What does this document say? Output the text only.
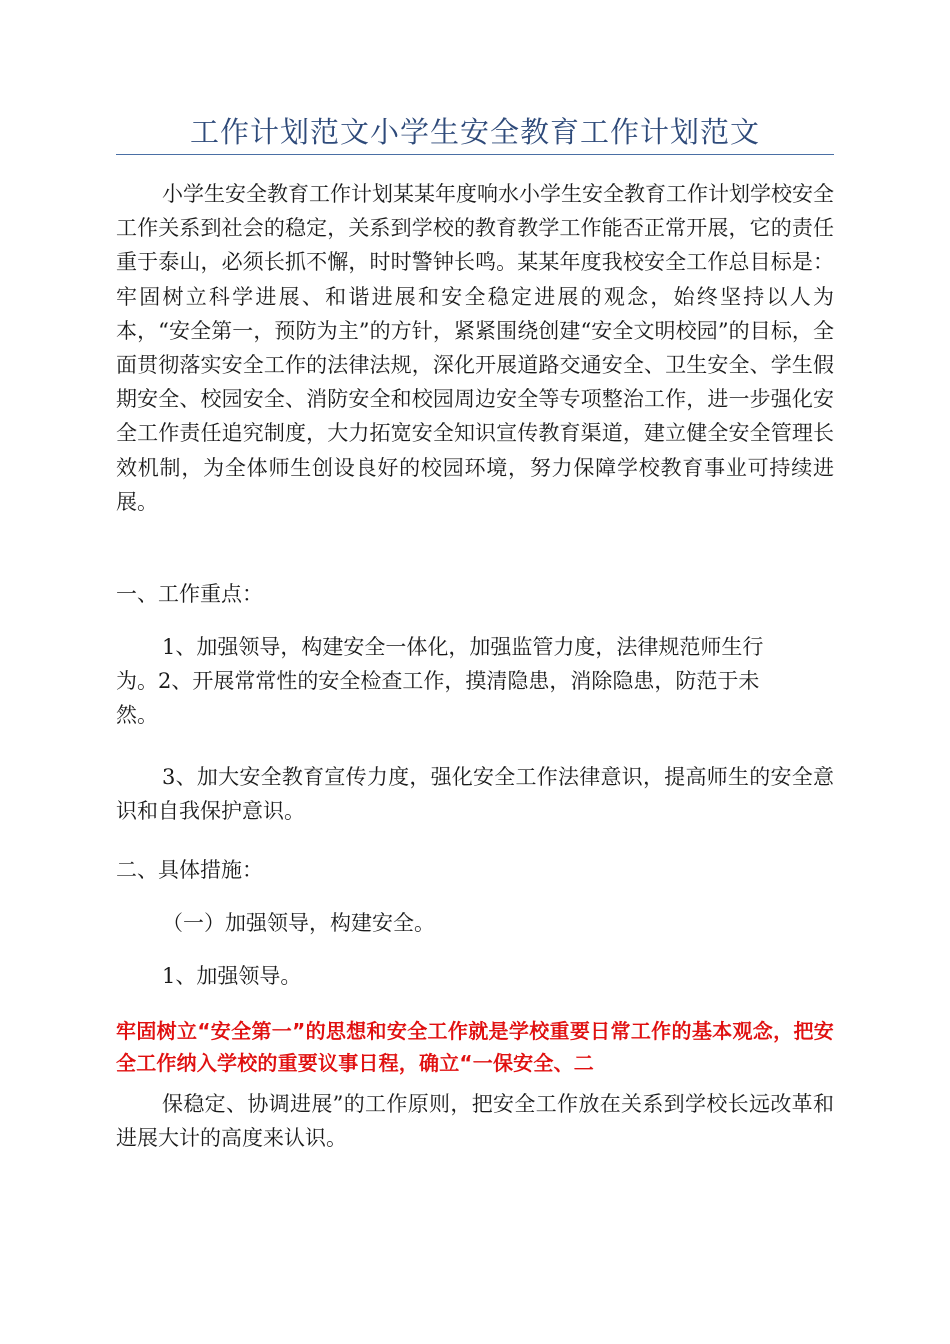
工作计划范文小学生安全教育工作计划范文

小学生安全教育工作计划某某年度响水小学生安全教育工作计划学校安全工作关系到社会的稳定，关系到学校的教育教学工作能否正常开展，它的责任重于泰山，必须长抓不懈，时时警钟长鸣。某某年度我校安全工作总目标是：牢固树立科学进展、和谐进展和安全稳定进展的观念，始终坚持以人为本，“安全第一，预防为主”的方针，紧紧围绕创建“安全文明校园”的目标，全面贯彻落实安全工作的法律法规，深化开展道路交通安全、卫生安全、学生假期安全、校园安全、消防安全和校园周边安全等专项整治工作，进一步强化安全工作责任追究制度，大力拓宽安全知识宣传教育渠道，建立健全安全管理长效机制，为全体师生创设良好的校园环境，努力保障学校教育事业可持续进展。

一、工作重点：

1、加强领导，构建安全一体化，加强监管力度，法律规范师生行
为。2、开展常常性的安全检查工作，摸清隐患，消除隐患，防范于未
然。

3、加大安全教育宣传力度，强化安全工作法律意识，提高师生的安全意识和自我保护意识。

二、具体措施：

（一）加强领导，构建安全。

1、加强领导。

牢固树立“安全第一”的思想和安全工作就是学校重要日常工作的基本观念，把安全工作纳入学校的重要议事日程，确立“一保安全、二

保稳定、协调进展”的工作原则，把安全工作放在关系到学校长远改革和进展大计的高度来认识。
